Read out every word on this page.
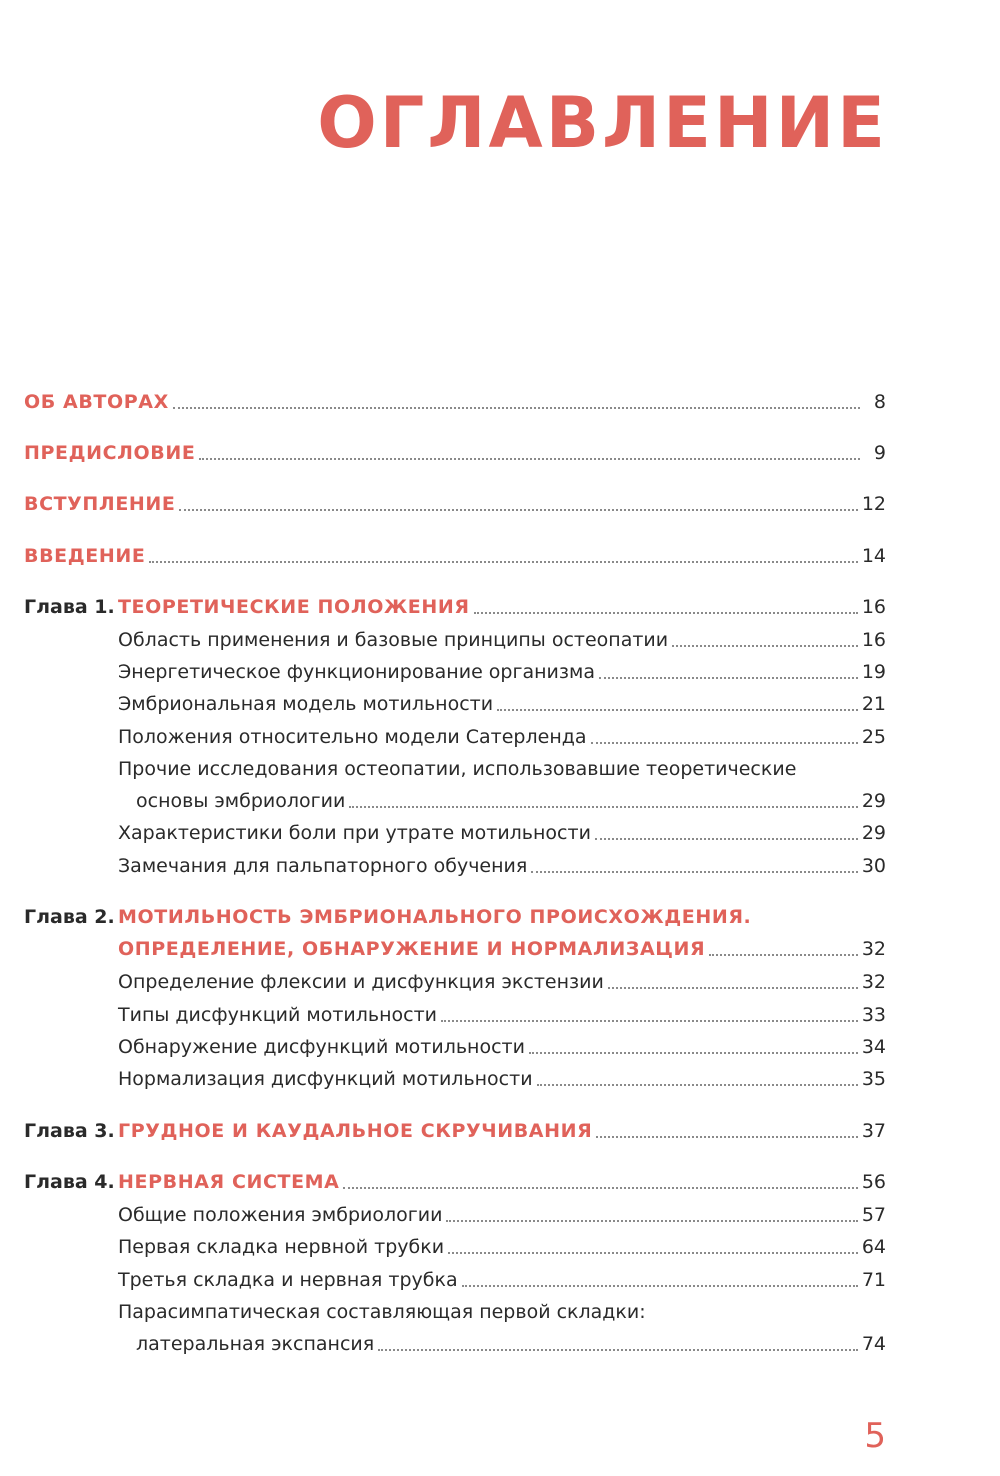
ОГЛАВЛЕНИЕ
ОБ АВТОРАХ	8
ПРЕДИСЛОВИЕ	9
ВСТУПЛЕНИЕ	12
ВВЕДЕНИЕ	14
Глава 1. ТЕОРЕТИЧЕСКИЕ ПОЛОЖЕНИЯ	16
Область применения и базовые принципы остеопатии	16
Энергетическое функционирование организма	19
Эмбриональная модель мотильности	21
Положения относительно модели Сатерленда	25
Прочие исследования остеопатии, использовавшие теоретические
основы эмбриологии	29
Характеристики боли при утрате мотильности	29
Замечания для пальпаторного обучения	30
Глава 2. МОТИЛЬНОСТЬ ЭМБРИОНАЛЬНОГО ПРОИСХОЖДЕНИЯ.
ОПРЕДЕЛЕНИЕ, ОБНАРУЖЕНИЕ И НОРМАЛИЗАЦИЯ	32
Определение флексии и дисфункция экстензии	32
Типы дисфункций мотильности	33
Обнаружение дисфункций мотильности	34
Нормализация дисфункций мотильности	35
Глава 3. ГРУДНОЕ И КАУДАЛЬНОЕ СКРУЧИВАНИЯ	37
Глава 4. НЕРВНАЯ СИСТЕМА	56
Общие положения эмбриологии	57
Первая складка нервной трубки	64
Третья складка и нервная трубка	71
Парасимпатическая составляющая первой складки:
латеральная экспансия	74
5
